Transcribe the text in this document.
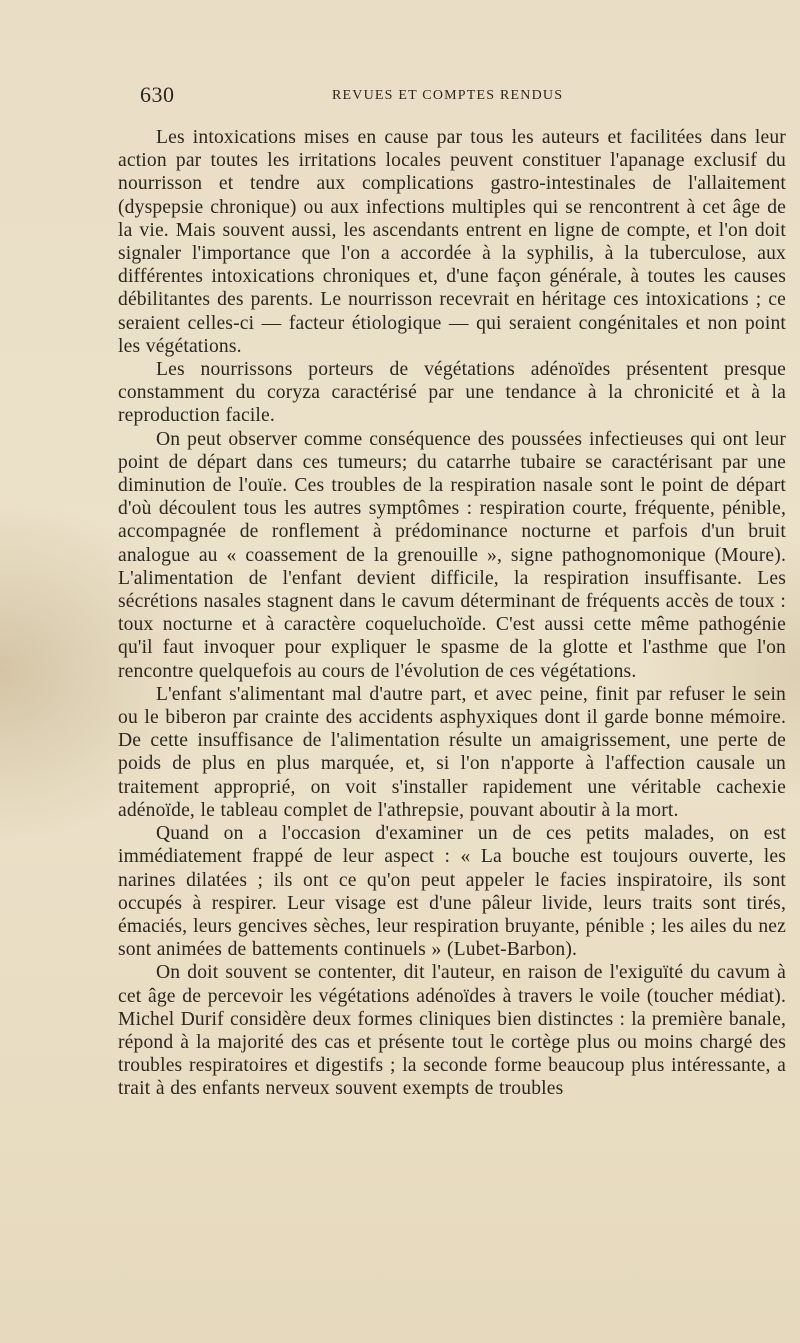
630	REVUES ET COMPTES RENDUS

Les intoxications mises en cause par tous les auteurs et facilitées dans leur action par toutes les irritations locales peuvent constituer l'apanage exclusif du nourrisson et tendre aux complications gastro-intestinales de l'allaitement (dyspepsie chronique) ou aux infections multiples qui se rencontrent à cet âge de la vie. Mais souvent aussi, les ascendants entrent en ligne de compte, et l'on doit signaler l'importance que l'on a accordée à la syphilis, à la tuberculose, aux différentes intoxications chroniques et, d'une façon générale, à toutes les causes débilitantes des parents. Le nourrisson recevrait en héritage ces intoxications ; ce seraient celles-ci — facteur étiologique — qui seraient congénitales et non point les végétations.

Les nourrissons porteurs de végétations adénoïdes présentent presque constamment du coryza caractérisé par une tendance à la chronicité et à la reproduction facile.

On peut observer comme conséquence des poussées infectieuses qui ont leur point de départ dans ces tumeurs; du catarrhe tubaire se caractérisant par une diminution de l'ouïe. Ces troubles de la respiration nasale sont le point de départ d'où découlent tous les autres symptômes : respiration courte, fréquente, pénible, accompagnée de ronflement à prédominance nocturne et parfois d'un bruit analogue au « coassement de la grenouille », signe pathognomonique (Moure). L'alimentation de l'enfant devient difficile, la respiration insuffisante. Les sécrétions nasales stagnent dans le cavum déterminant de fréquents accès de toux : toux nocturne et à caractère coqueluchoïde. C'est aussi cette même pathogénie qu'il faut invoquer pour expliquer le spasme de la glotte et l'asthme que l'on rencontre quelquefois au cours de l'évolution de ces végétations.

L'enfant s'alimentant mal d'autre part, et avec peine, finit par refuser le sein ou le biberon par crainte des accidents asphyxiques dont il garde bonne mémoire. De cette insuffisance de l'alimentation résulte un amaigrissement, une perte de poids de plus en plus marquée, et, si l'on n'apporte à l'affection causale un traitement approprié, on voit s'installer rapidement une véritable cachexie adénoïde, le tableau complet de l'athrepsie, pouvant aboutir à la mort.

Quand on a l'occasion d'examiner un de ces petits malades, on est immédiatement frappé de leur aspect : « La bouche est toujours ouverte, les narines dilatées ; ils ont ce qu'on peut appeler le facies inspiratoire, ils sont occupés à respirer. Leur visage est d'une pâleur livide, leurs traits sont tirés, émaciés, leurs gencives sèches, leur respiration bruyante, pénible ; les ailes du nez sont animées de battements continuels » (Lubet-Barbon).

On doit souvent se contenter, dit l'auteur, en raison de l'exiguïté du cavum à cet âge de percevoir les végétations adénoïdes à travers le voile (toucher médiat). Michel Durif considère deux formes cliniques bien distinctes : la première banale, répond à la majorité des cas et présente tout le cortège plus ou moins chargé des troubles respiratoires et digestifs ; la seconde forme beaucoup plus intéressante, a trait à des enfants nerveux souvent exempts de troubles
